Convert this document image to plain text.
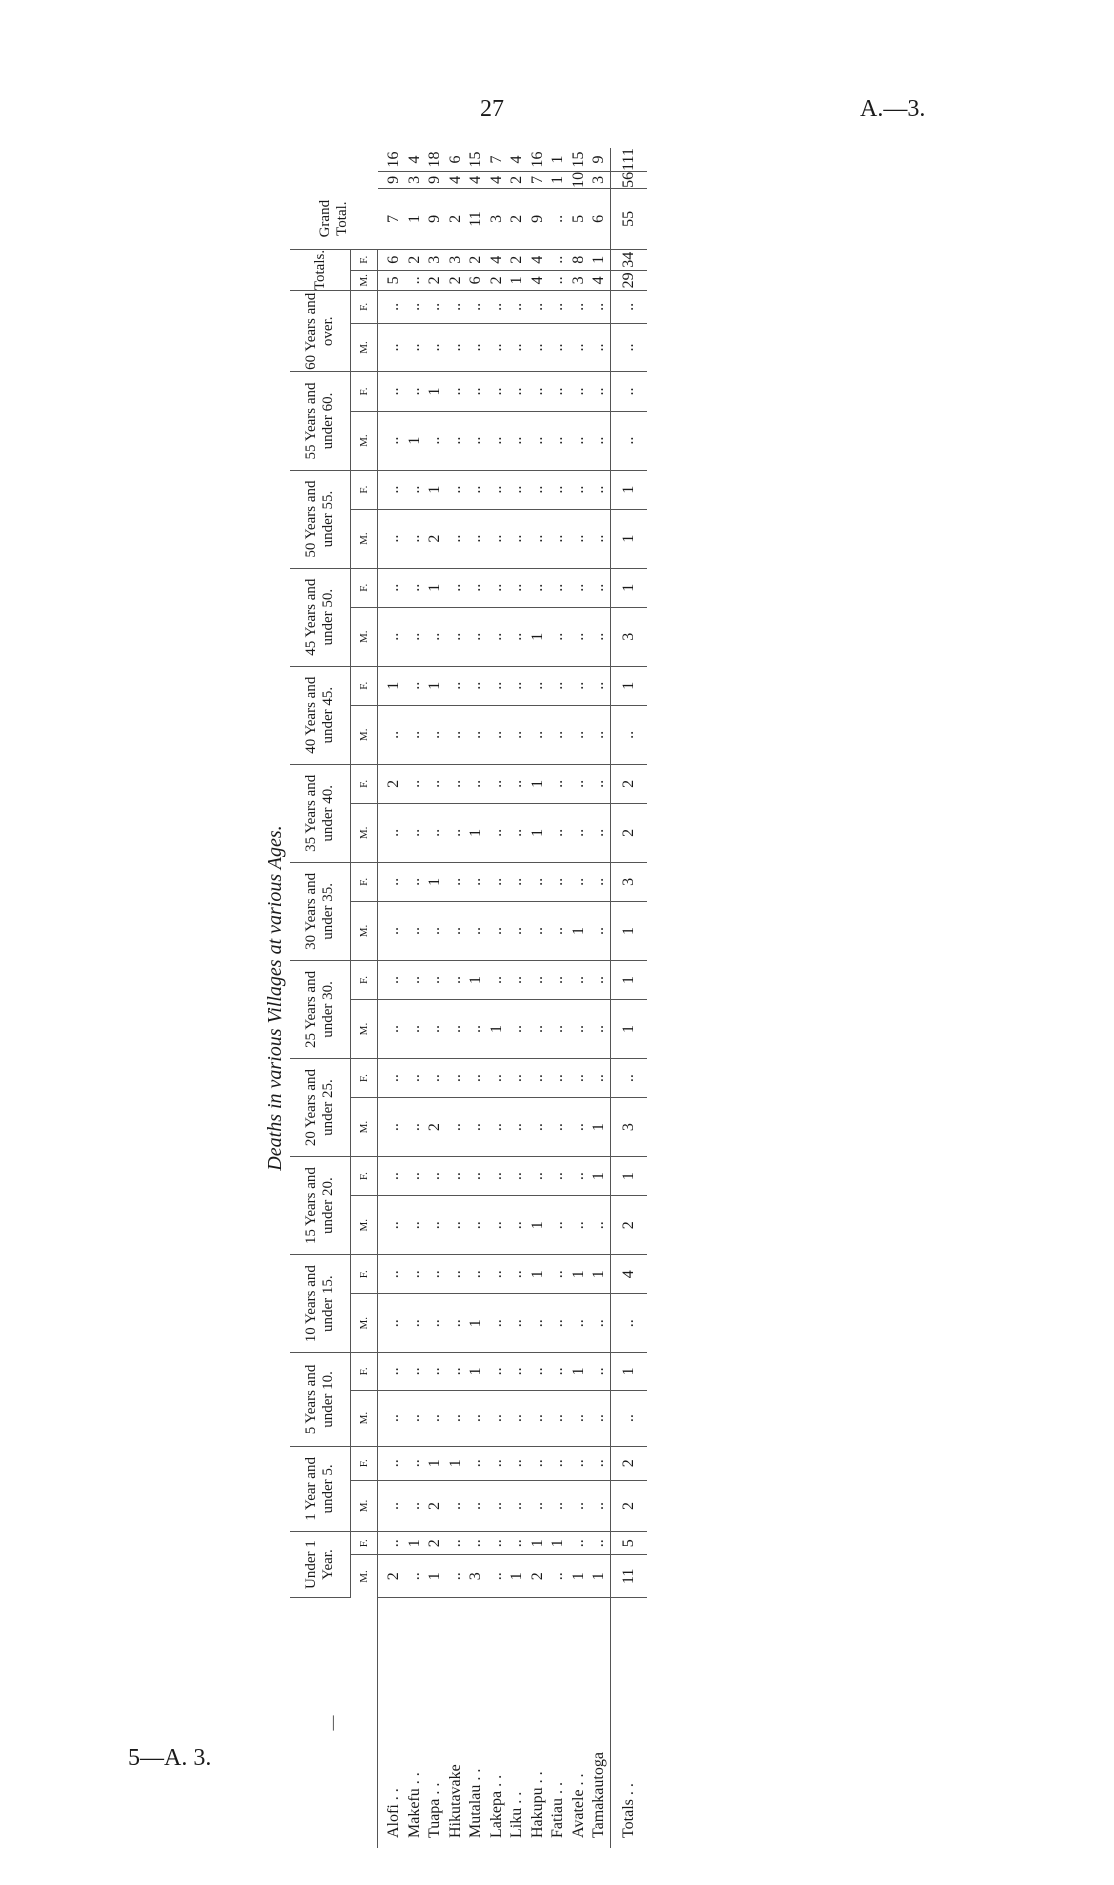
27	A.—3.
5—A. 3.
Deaths in various Villages at various Ages.
—	Under 1 Year.		1 Year and under 5.		5 Years and under 10.		10 Years and under 15.		15 Years and under 20.		20 Years and under 25.		25 Years and under 30.		30 Years and under 35.		35 Years and under 40.		40 Years and under 45.		45 Years and under 50.		50 Years and under 55.		55 Years and under 60.		60 Years and over.		Totals.		Grand Total.		
	M.	F.	M.	F.	M.	F.	M.	F.	M.	F.	M.	F.	M.	F.	M.	F.	M.	F.	M.	F.	M.	F.	M.	F.	M.	F.	M.	F.	M.	F.			
Alofi . .	2	..	..	..	..	..	..	..	..	..	..	..	..	..	..	..	..	2	..	1	..	..	..	..	..	..	..	..	5	6	7	9	16
Makefu . .	..	1	..	..	..	..	..	..	..	..	..	..	..	..	..	..	..	..	..	..	..	..	..	..	1	..	..	..	..	2	1	3	4
Tuapa . .	1	2	2	1	..	..	..	..	..	..	2	..	..	..	..	1	..	..	..	1	..	1	2	1	..	1	..	..	2	3	9	9	18
Hikutavake	..	..	..	1	..	..	..	..	..	..	..	..	..	..	..	..	..	..	..	..	..	..	..	..	..	..	..	..	2	3	2	4	6
Mutalau . .	3	..	..	..	..	1	1	..	..	..	..	..	..	1	..	..	1	..	..	..	..	..	..	..	..	..	..	..	6	2	11	4	15
Lakepa . .	..	..	..	..	..	..	..	..	..	..	..	..	1	..	..	..	..	..	..	..	..	..	..	..	..	..	..	..	2	4	3	4	7
Liku . .	1	..	..	..	..	..	..	..	..	..	..	..	..	..	..	..	..	..	..	..	..	..	..	..	..	..	..	..	1	2	2	2	4
Hakupu . .	2	1	..	..	..	..	..	1	1	..	..	..	..	..	..	..	1	1	..	..	1	..	..	..	..	..	..	..	4	4	9	7	16
Fatiau . .	..	1	..	..	..	..	..	..	..	..	..	..	..	..	..	..	..	..	..	..	..	..	..	..	..	..	..	..	..	..	..	1	1
Avatele . .	1	..	..	..	..	1	..	1	..	..	..	..	..	..	1	..	..	..	..	..	..	..	..	..	..	..	..	..	3	8	5	10	15
Tamakautoga	1	..	..	..	..	..	..	1	..	1	1	..	..	..	..	..	..	..	..	..	..	..	..	..	..	..	..	..	4	1	6	3	9
Totals . .	11	5	2	2	..	1	..	4	2	1	3	..	1	1	1	3	2	2	..	1	3	1	1	1	..	..	..	..	29	34	55	56	111
